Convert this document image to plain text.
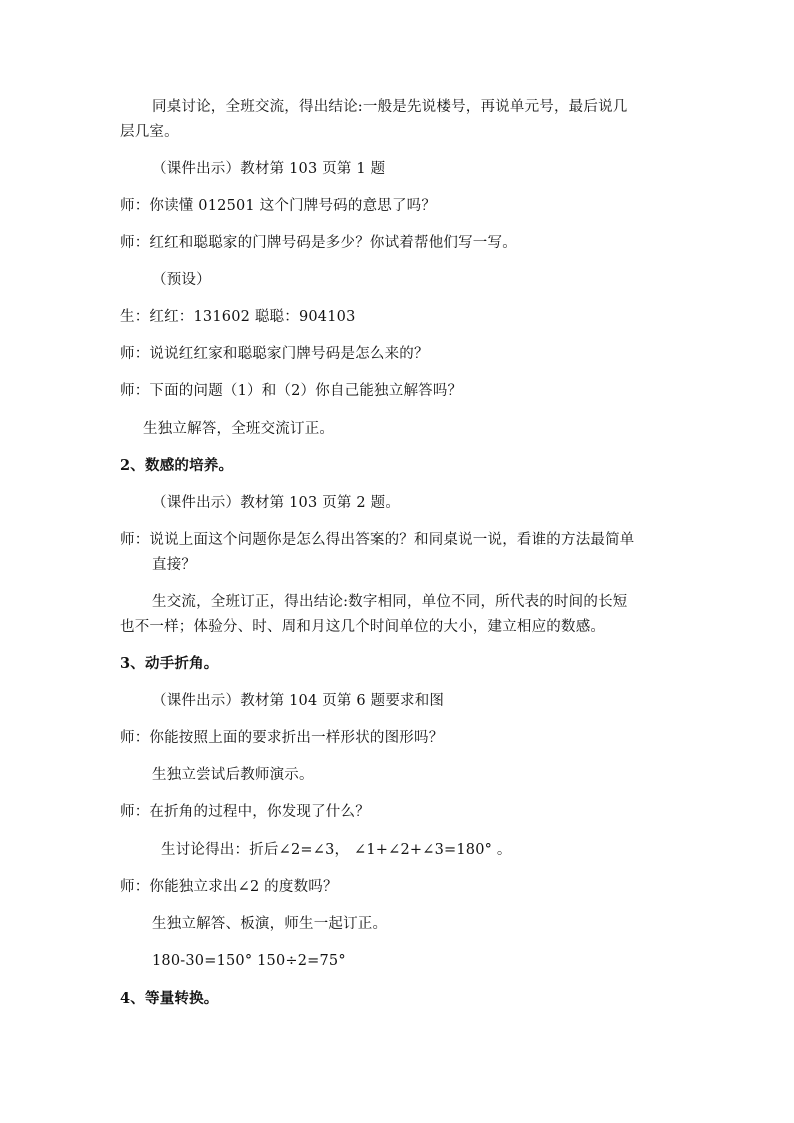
同桌讨论，全班交流，得出结论:一般是先说楼号，再说单元号，最后说几
层几室。
（课件出示）教材第 103 页第 1 题
师：你读懂 012501 这个门牌号码的意思了吗？
师：红红和聪聪家的门牌号码是多少？你试着帮他们写一写。
（预设）
生：红红：131602 聪聪：904103
师：说说红红家和聪聪家门牌号码是怎么来的？
师：下面的问题（1）和（2）你自己能独立解答吗？
生独立解答，全班交流订正。
2、数感的培养。
（课件出示）教材第 103 页第 2 题。
师：说说上面这个问题你是怎么得出答案的？和同桌说一说，看谁的方法最简单
直接？
生交流，全班订正，得出结论:数字相同，单位不同，所代表的时间的长短
也不一样；体验分、时、周和月这几个时间单位的大小，建立相应的数感。
3、动手折角。
（课件出示）教材第 104 页第 6 题要求和图
师：你能按照上面的要求折出一样形状的图形吗？
生独立尝试后教师演示。
师：在折角的过程中，你发现了什么？
生讨论得出：折后∠2=∠3， ∠1+∠2+∠3=180° 。
师：你能独立求出∠2 的度数吗？
生独立解答、板演，师生一起订正。
180-30=150° 150÷2=75°
4、等量转换。
